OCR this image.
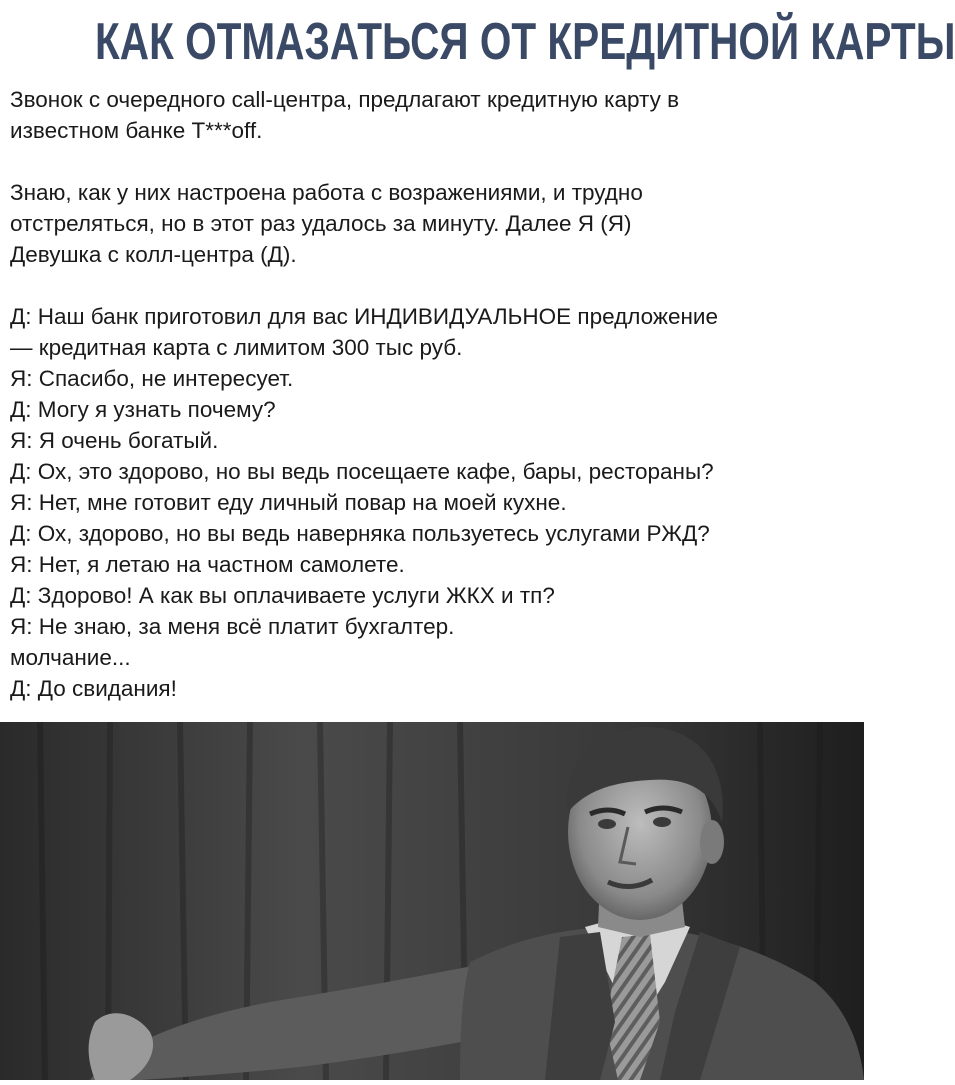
КАК ОТМАЗАТЬСЯ ОТ КРЕДИТНОЙ КАРТЫ

Звонок с очередного call-центра, предлагают кредитную карту в

известном банке Т***off.

Знаю, как у них настроена работа с возражениями, и трудно

отстреляться, но в этот раз удалось за минуту. Далее Я (Я)

Девушка с колл-центра (Д).

Д: Наш банк приготовил для вас ИНДИВИДУАЛЬНОЕ предложение

— кредитная карта с лимитом 300 тыс руб.

Я: Спасибо, не интересует.

Д: Могу я узнать почему?

Я: Я очень богатый.

Д: Ох, это здорово, но вы ведь посещаете кафе, бары, рестораны?

Я: Нет, мне готовит еду личный повар на моей кухне.

Д: Ох, здорово, но вы ведь наверняка пользуетесь услугами РЖД?

Я: Нет, я летаю на частном самолете.

Д: Здорово! А как вы оплачиваете услуги ЖКХ и тп?

Я: Не знаю, за меня всё платит бухгалтер.

молчание...

Д: До свидания!
